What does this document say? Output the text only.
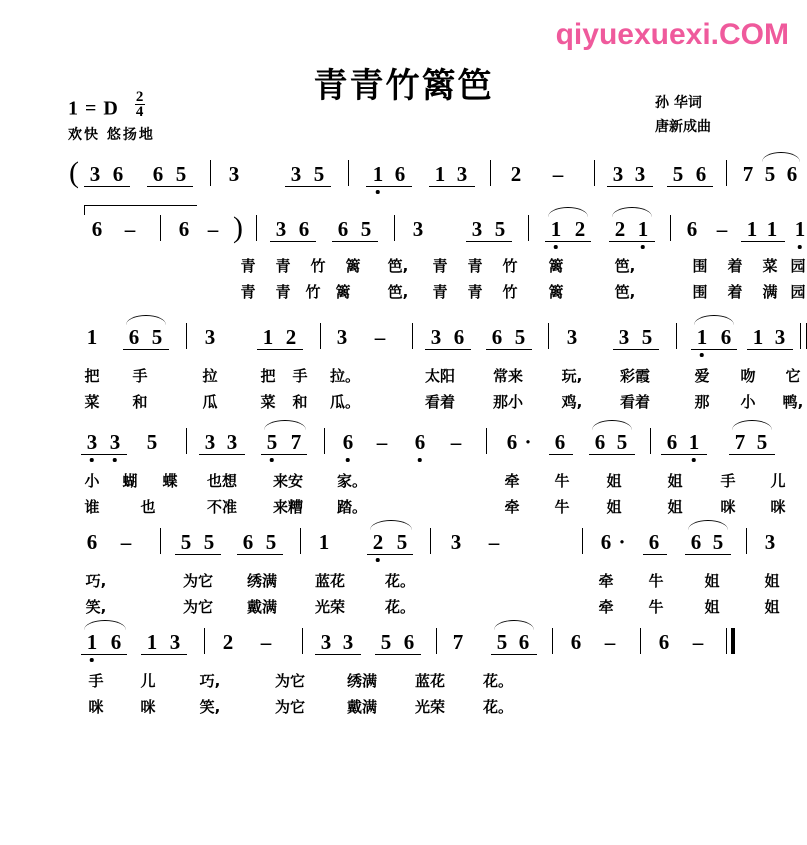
qiyuexuexi.COM
青青竹篱笆
1 = D $\frac{2}{4}$
欢快 悠扬地
孙 华词
唐新成曲
( 3 6 6 5 3 3 5 1 6 1 3 2 – 3 3 5 6 7 5 6
6 – 6 – ) 3 6 6 5 3 3 5 1 2 2 1 6 – 1 1 1

青 青 竹 篱 笆, 青 青 竹 篱	笆,	围 着 菜 园
青 青 竹 篱 笆, 青 青 竹 篱	笆,	围 着 满 园
1 6 5 3 1 2 3 – 3 6 6 5 3 3 5 1 6 1 3
把 手	拉	把 手 拉。	太阳	常来	玩,	彩霞	爱 吻 它
菜 和	瓜	菜 和 瓜。	看着	那小	鸡,	看着	那 小 鸭,
3 3 5 3 3 5 7 6 – 6 – 6 · 6 6 5 6 1 7 5
小 蝴 蝶 也想 来安 家。	牵 牛 姐	姐	手 儿
谁	也	不准 来糟 踏。	牵 牛 姐	姐	咪 咪
6 – 5 5 6 5 1 2 5 3 –	6 · 6 6 5 3
巧,	为它 绣满	蓝花	花。	牵 牛	姐	姐
笑,	为它 戴满	光荣	花。	牵 牛	姐	姐
1 6 1 3 2 – 3 3 5 6 7 5 6 6 – 6 –
手 儿	巧,	为它	绣满	蓝花	花。
咪 咪	笑,	为它	戴满	光荣	花。
